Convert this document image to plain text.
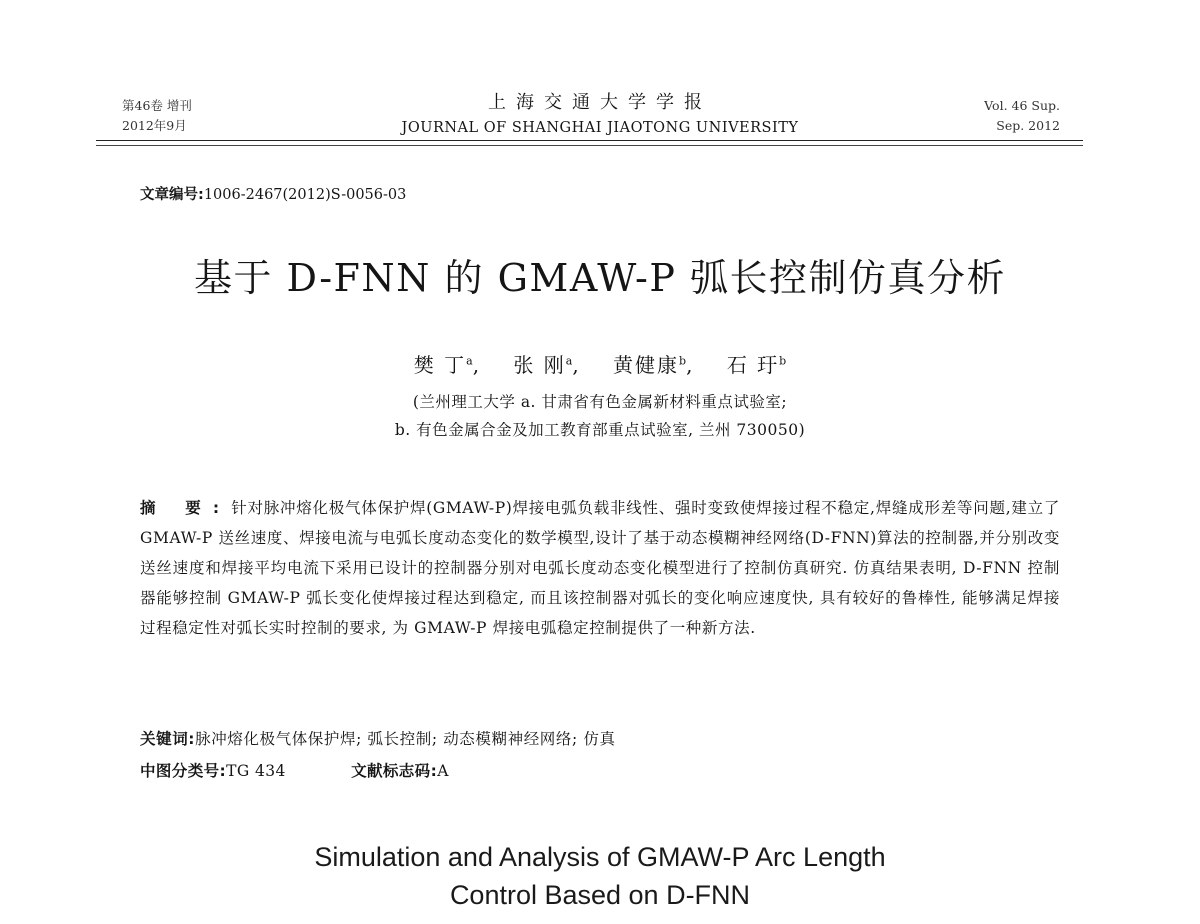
第46卷 增刊
2012年9月
上海交通大学学报
JOURNAL OF SHANGHAI JIAOTONG UNIVERSITY
Vol. 46 Sup.
Sep. 2012
文章编号:1006-2467(2012)S-0056-03
基于 D-FNN 的 GMAW-P 弧长控制仿真分析
樊 丁$^a$, 张 刚$^a$, 黄健康$^b$, 石 玗$^b$
(兰州理工大学 a. 甘肃省有色金属新材料重点试验室;
b. 有色金属合金及加工教育部重点试验室, 兰州 730050)
摘 要:针对脉冲熔化极气体保护焊(GMAW-P)焊接电弧负载非线性、强时变致使焊接过程不稳定,焊缝成形差等问题,建立了 GMAW-P 送丝速度、焊接电流与电弧长度动态变化的数学模型,设计了基于动态模糊神经网络(D-FNN)算法的控制器,并分别改变送丝速度和焊接平均电流下采用已设计的控制器分别对电弧长度动态变化模型进行了控制仿真研究. 仿真结果表明, D-FNN 控制器能够控制 GMAW-P 弧长变化使焊接过程达到稳定, 而且该控制器对弧长的变化响应速度快, 具有较好的鲁棒性, 能够满足焊接过程稳定性对弧长实时控制的要求, 为 GMAW-P 焊接电弧稳定控制提供了一种新方法.
关键词:脉冲熔化极气体保护焊; 弧长控制; 动态模糊神经网络; 仿真
中图分类号:TG 434	文献标志码:A
Simulation and Analysis of GMAW-P Arc Length
Control Based on D-FNN
